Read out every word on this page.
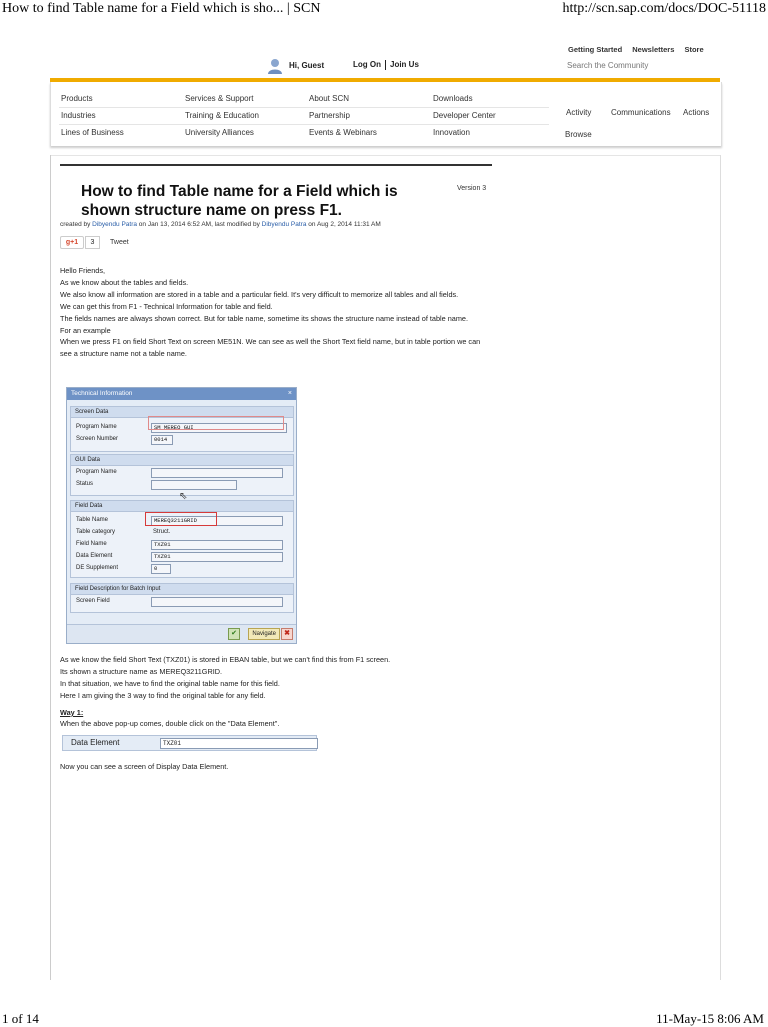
How to find Table name for a Field which is sho... | SCN	http://scn.sap.com/docs/DOC-51118
1 of 14	11-May-15 8:06 AM
Getting Started Newsletters Store
Search the Community
Hi, Guest	Log On Join Us
Products
Industries
Lines of Business
Services & Support
Training & Education
University Alliances
About SCN
Partnership
Events & Webinars
Downloads
Developer Center
Innovation
Activity Communications Actions
Browse
How to find Table name for a Field which is shown structure name on press F1.
Version 3
created by Dibyendu Patra on Jan 13, 2014 6:52 AM, last modified by Dibyendu Patra on Aug 2, 2014 11:31 AM
g+1	3	Tweet

Hello Friends,

As we know about the tables and fields.

We also know all information are stored in a table and a particular field. It's very difficult to memorize all tables and all fields.

We can get this from F1 - Technical Information for table and field.

The fields names are always shown correct. But for table name, sometime its shows the structure name instead of table name.

For an example

When we press F1 on field Short Text on screen ME51N. We can see as well the Short Text field name, but in table portion we can see a structure name not a table name.

Technical Information	×
Screen Data
Program Name	SM_MEREQ_GUI
Screen Number	0014
GUI Data
Program Name
Status
Field Data
Table Name	MEREQ3211GRID
Table category	Struct.
Field Name	TXZ01
Data Element	TXZ01
DE Supplement	0
Field Description for Batch Input
Screen Field
✔	Navigate	✖
⇖

As we know the field Short Text (TXZ01) is stored in EBAN table, but we can't find this from F1 screen.

Its shown a structure name as MEREQ3211GRID.

In that situation, we have to find the original table name for this field.

Here I am giving the 3 way to find the original table for any field.

Way 1:
When the above pop-up comes, double click on the "Data Element".
Data Element	TXZ01
Now you can see a screen of Display Data Element.
